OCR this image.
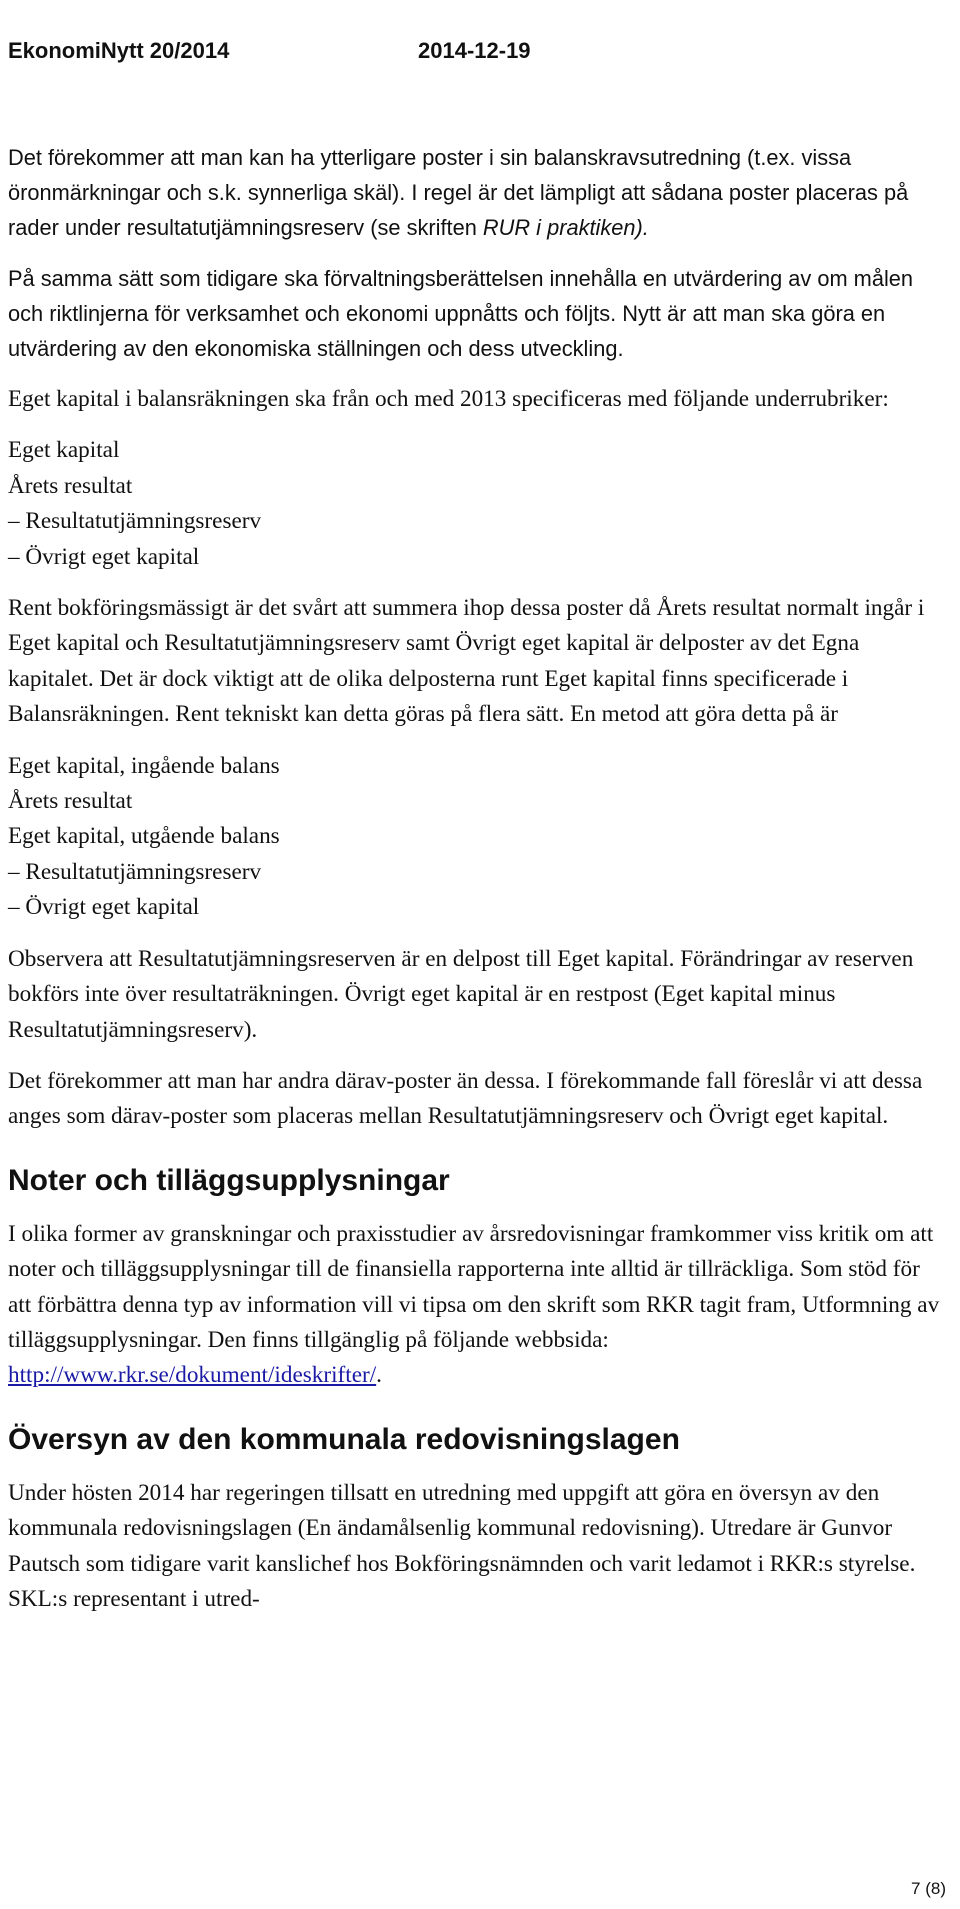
EkonomiNytt 20/2014	2014-12-19

Det förekommer att man kan ha ytterligare poster i sin balanskravsutredning (t.ex. vissa öronmärkningar och s.k. synnerliga skäl). I regel är det lämpligt att sådana poster placeras på rader under resultatutjämningsreserv (se skriften RUR i praktiken).

På samma sätt som tidigare ska förvaltningsberättelsen innehålla en utvärdering av om målen och riktlinjerna för verksamhet och ekonomi uppnåtts och följts. Nytt är att man ska göra en utvärdering av den ekonomiska ställningen och dess utveckling.

Eget kapital i balansräkningen ska från och med 2013 specificeras med följande underrubriker:

Eget kapital
Årets resultat
– Resultatutjämningsreserv
– Övrigt eget kapital

Rent bokföringsmässigt är det svårt att summera ihop dessa poster då Årets resultat normalt ingår i Eget kapital och Resultatutjämningsreserv samt Övrigt eget kapital är delposter av det Egna kapitalet. Det är dock viktigt att de olika delposterna runt Eget kapital finns specificerade i Balansräkningen. Rent tekniskt kan detta göras på flera sätt. En metod att göra detta på är

Eget kapital, ingående balans
Årets resultat
Eget kapital, utgående balans
– Resultatutjämningsreserv
– Övrigt eget kapital

Observera att Resultatutjämningsreserven är en delpost till Eget kapital. Förändringar av reserven bokförs inte över resultaträkningen. Övrigt eget kapital är en restpost (Eget kapital minus Resultatutjämningsreserv).

Det förekommer att man har andra därav-poster än dessa. I förekommande fall föreslår vi att dessa anges som därav-poster som placeras mellan Resultatutjämningsreserv och Övrigt eget kapital.

Noter och tilläggsupplysningar

I olika former av granskningar och praxisstudier av årsredovisningar framkommer viss kritik om att noter och tilläggsupplysningar till de finansiella rapporterna inte alltid är tillräckliga. Som stöd för att förbättra denna typ av information vill vi tipsa om den skrift som RKR tagit fram, Utformning av tilläggsupplysningar. Den finns tillgänglig på följande webbsida: http://www.rkr.se/dokument/ideskrifter/.

Översyn av den kommunala redovisningslagen

Under hösten 2014 har regeringen tillsatt en utredning med uppgift att göra en översyn av den kommunala redovisningslagen (En ändamålsenlig kommunal redovisning). Utredare är Gunvor Pautsch som tidigare varit kanslichef hos Bokföringsnämnden och varit ledamot i RKR:s styrelse. SKL:s representant i utred-

7 (8)
